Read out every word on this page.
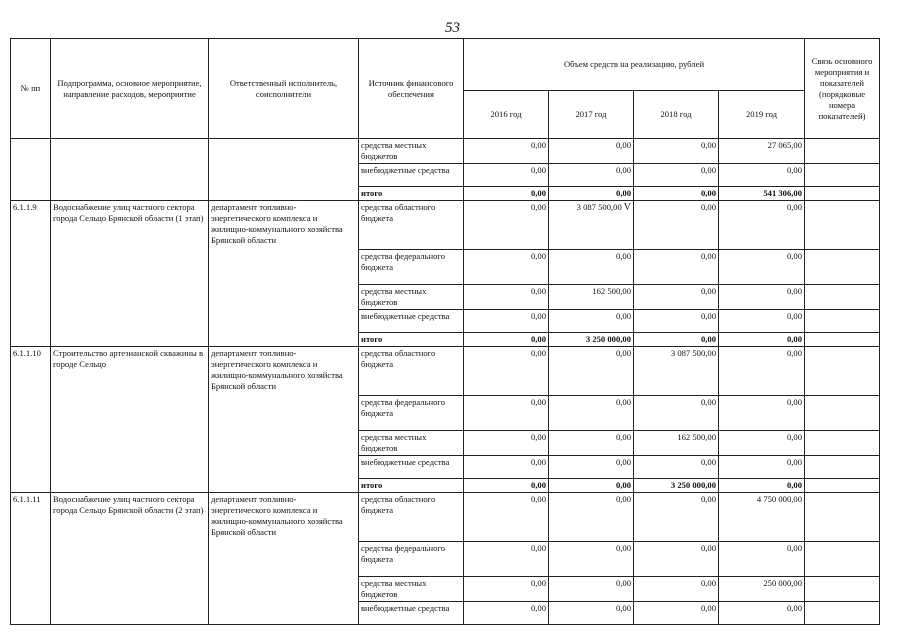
53
№ пп	Подпрограмма, основное мероприятие, направление расходов, мероприятие	Ответственный исполнитель, соисполнители	Источник финансового обеспечения	Объем средств на реализацию, рублей				Связь основного мероприятия и показателей (порядковые номера показателей)
				2016 год	2017 год	2018 год	2019 год	
			средства местных бюджетов	0,00	0,00	0,00	27 065,00	
			внебюджетные средства	0,00	0,00	0,00	0,00	
			итого	0,00	0,00	0,00	541 306,00	
6.1.1.9	Водоснабжение улиц частного сектора города Сельцо Брянской области (1 этап)	департамент топливно-энергетического комплекса и жилищно-коммунального хозяйства Брянской области	средства областного бюджета	0,00	3 087 500,00 V	0,00	0,00	
			средства федерального бюджета	0,00	0,00	0,00	0,00	
			средства местных бюджетов	0,00	162 500,00	0,00	0,00	
			внебюджетные средства	0,00	0,00	0,00	0,00	
			итого	0,00	3 250 000,00	0,00	0,00	
6.1.1.10	Строительство артезианской скважины в городе Сельцо	департамент топливно-энергетического комплекса и жилищно-коммунального хозяйства Брянской области	средства областного бюджета	0,00	0,00	3 087 500,00	0,00	
			средства федерального бюджета	0,00	0,00	0,00	0,00	
			средства местных бюджетов	0,00	0,00	162 500,00	0,00	
			внебюджетные средства	0,00	0,00	0,00	0,00	
			итого	0,00	0,00	3 250 000,00	0,00	
6.1.1.11	Водоснабжение улиц частного сектора города Сельцо Брянской области (2 этап)	департамент топливно-энергетического комплекса и жилищно-коммунального хозяйства Брянской области	средства областного бюджета	0,00	0,00	0,00	4 750 000,00	
			средства федерального бюджета	0,00	0,00	0,00	0,00	
			средства местных бюджетов	0,00	0,00	0,00	250 000,00	
			внебюджетные средства	0,00	0,00	0,00	0,00	
